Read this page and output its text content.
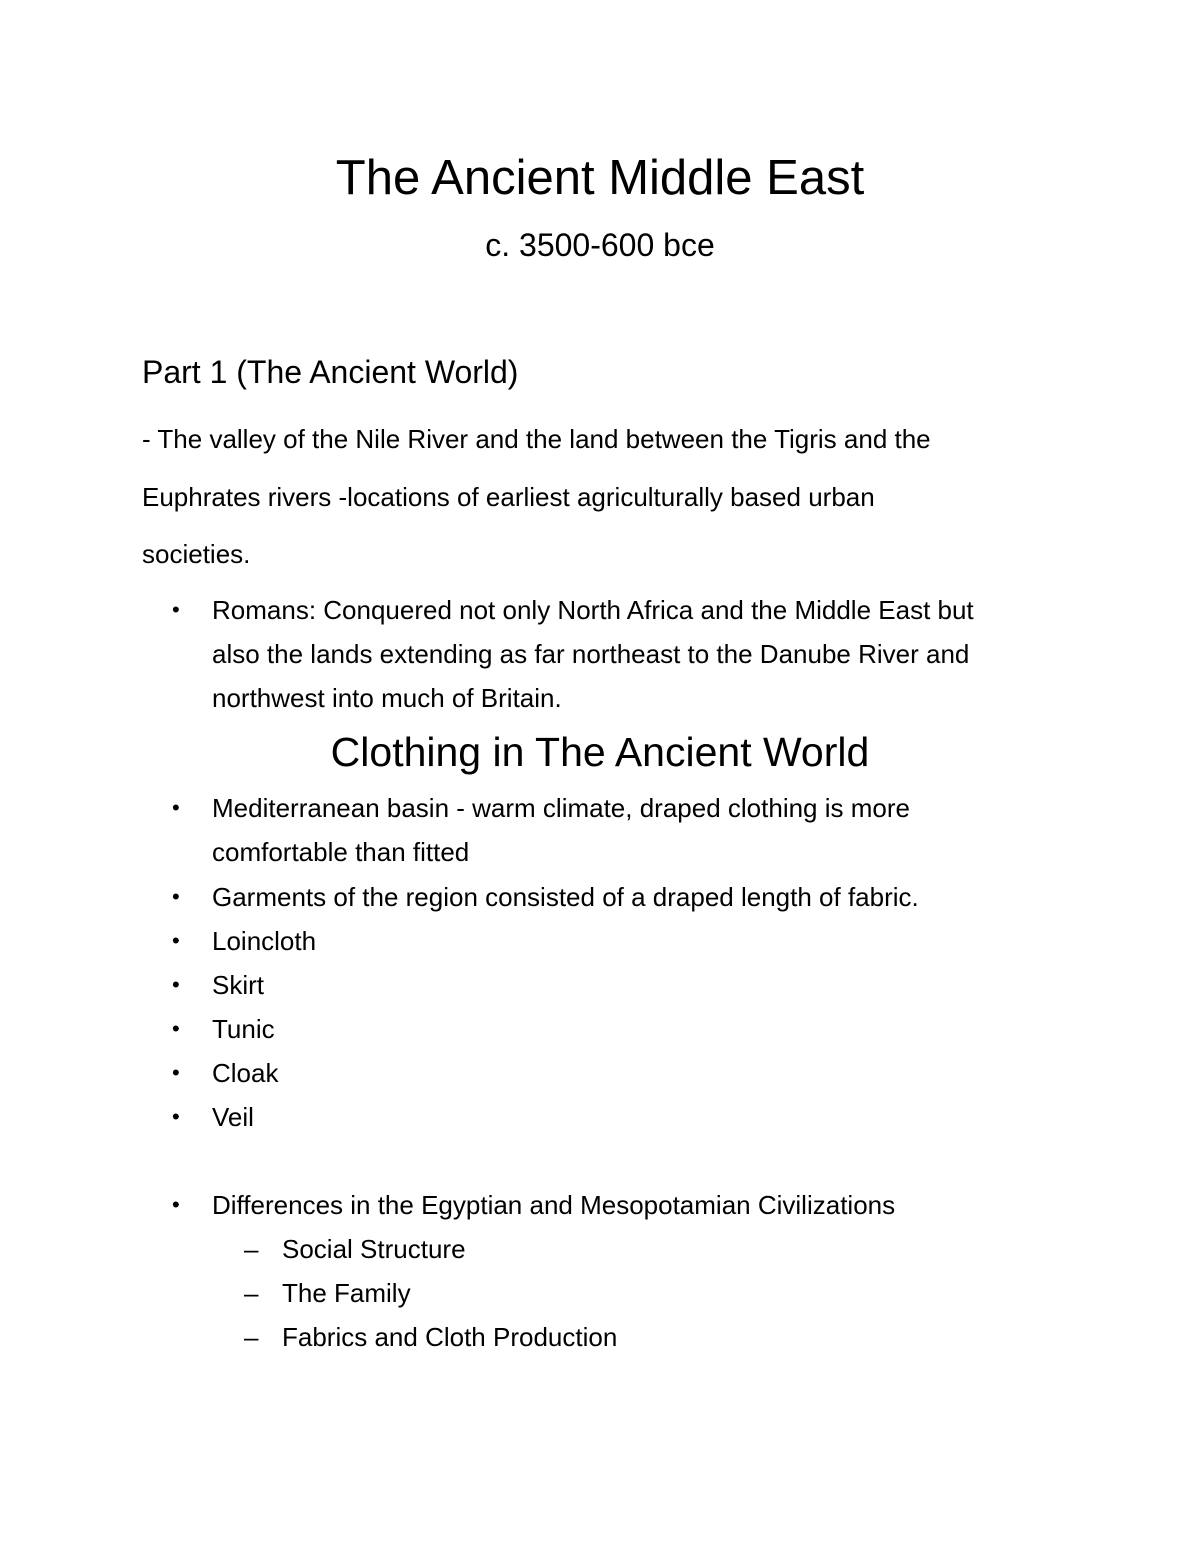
The Ancient Middle East
c. 3500-600 bce
Part 1 (The Ancient World)
- The valley of the Nile River and the land between the Tigris and the
Euphrates rivers -locations of earliest agriculturally based urban
societies.
• Romans: Conquered not only North Africa and the Middle East but
also the lands extending as far northeast to the Danube River and
northwest into much of Britain.
Clothing in The Ancient World
• Mediterranean basin - warm climate, draped clothing is more
comfortable than fitted
• Garments of the region consisted of a draped length of fabric.
• Loincloth
• Skirt
• Tunic
• Cloak
• Veil
• Differences in the Egyptian and Mesopotamian Civilizations
– Social Structure
– The Family
– Fabrics and Cloth Production
